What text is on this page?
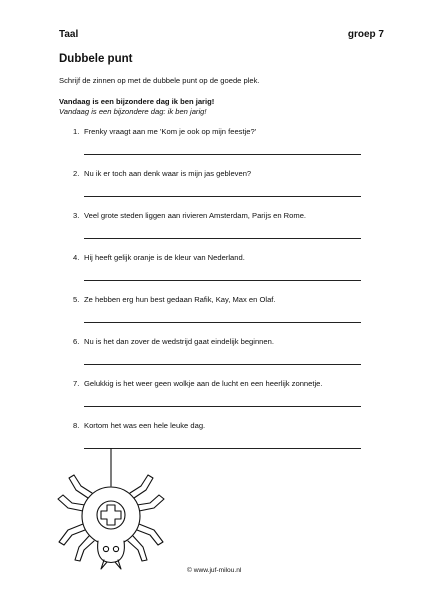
Taal	groep 7
Dubbele punt
Schrijf de zinnen op met de dubbele punt op de goede plek.
Vandaag is een bijzondere dag ik ben jarig!
Vandaag is een bijzondere dag: ik ben jarig!
1. Frenky vraagt aan me 'Kom je ook op mijn feestje?'
2. Nu ik er toch aan denk waar is mijn jas gebleven?
3. Veel grote steden liggen aan rivieren Amsterdam, Parijs en Rome.
4. Hij heeft gelijk oranje is de kleur van Nederland.
5. Ze hebben erg hun best gedaan Rafik, Kay, Max en Olaf.
6. Nu is het dan zover de wedstrijd gaat eindelijk beginnen.
7. Gelukkig is het weer geen wolkje aan de lucht en een heerlijk zonnetje.
8. Kortom het was een hele leuke dag.
© www.juf-milou.nl
